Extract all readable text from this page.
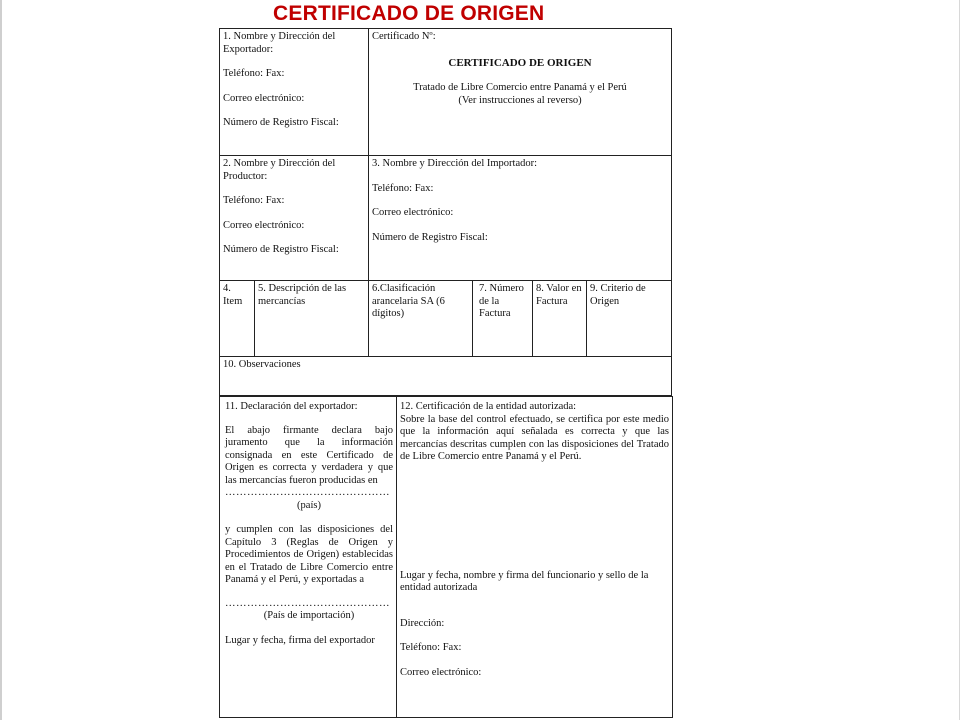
CERTIFICADO DE ORIGEN

1. Nombre y Dirección del Exportador:

Teléfono: Fax:

Correo electrónico:

Número de Registro Fiscal:

Certificado Nº:

CERTIFICADO DE ORIGEN

Tratado de Libre Comercio entre Panamá y el Perú

(Ver instrucciones al reverso)

2. Nombre y Dirección del Productor:

Teléfono: Fax:

Correo electrónico:

Número de Registro Fiscal:

3. Nombre y Dirección del Importador:

Teléfono: Fax:

Correo electrónico:

Número de Registro Fiscal:

4. Item
5. Descripción de las mercancías
6.Clasificación arancelaria SA (6 dígitos)
7. Número de la Factura
8. Valor en Factura
9. Criterio de Origen
10. Observaciones

11. Declaración del exportador:

El abajo firmante declara bajo juramento que la información consignada en este Certificado de Origen es correcta y verdadera y que las mercancías fueron producidas en

………………………………………

(país)

y cumplen con las disposiciones del Capítulo 3 (Reglas de Origen y Procedimientos de Origen) establecidas en el Tratado de Libre Comercio entre Panamá y el Perú, y exportadas a

………………………………………

(País de importación)

Lugar y fecha, firma del exportador

12. Certificación de la entidad autorizada:

Sobre la base del control efectuado, se certifica por este medio que la información aquí señalada es correcta y que las mercancías descritas cumplen con las disposiciones del Tratado de Libre Comercio entre Panamá y el Perú.

Lugar y fecha, nombre y firma del funcionario y sello de la entidad autorizada

Dirección:

Teléfono: Fax:

Correo electrónico:
